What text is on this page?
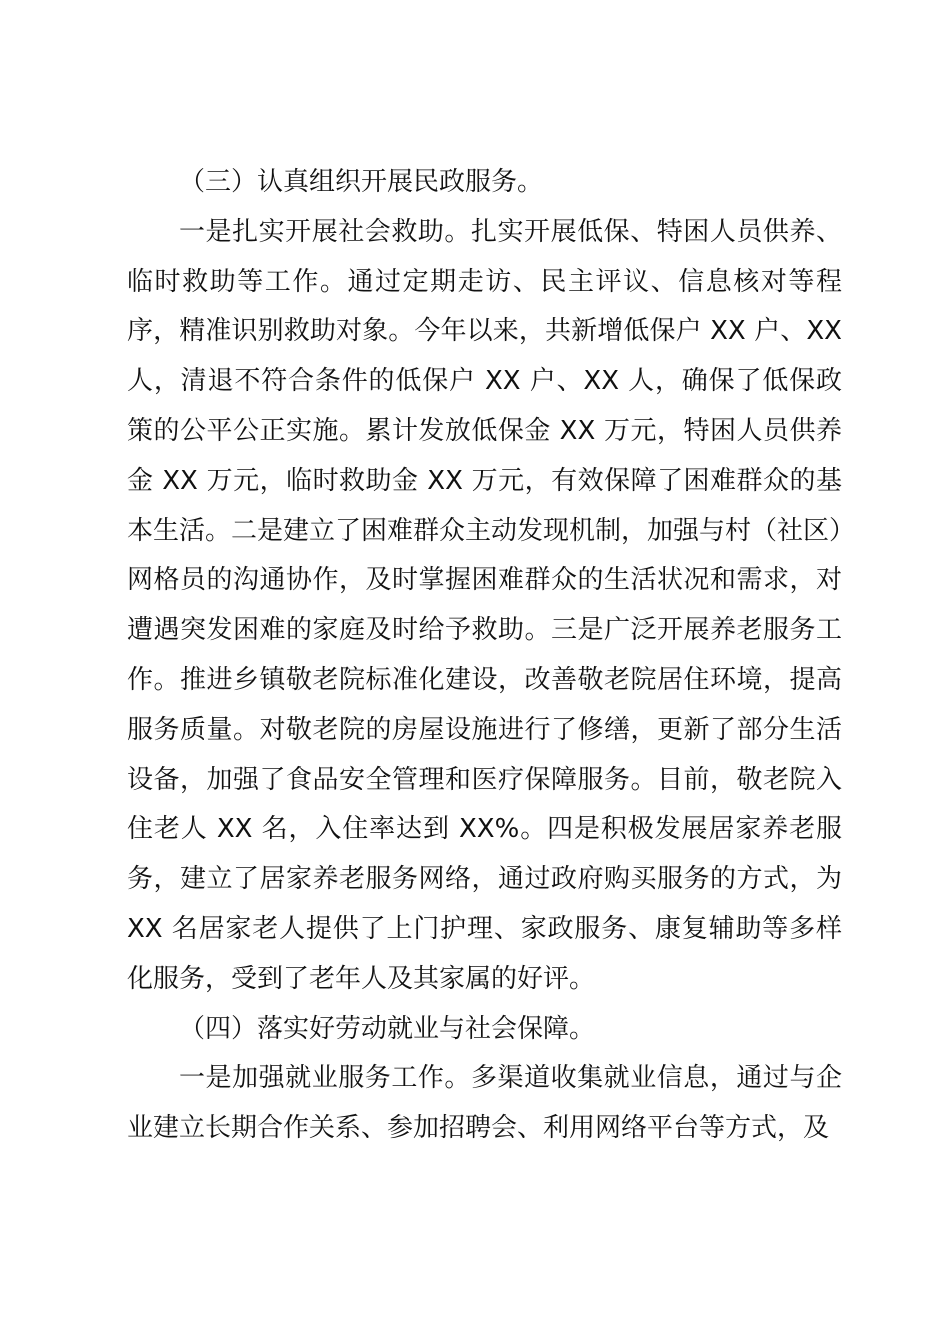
（三）认真组织开展民政服务。

一是扎实开展社会救助。扎实开展低保、特困人员供养、临时救助等工作。通过定期走访、民主评议、信息核对等程序，精准识别救助对象。今年以来，共新增低保户 XX 户、XX 人，清退不符合条件的低保户 XX 户、XX 人，确保了低保政策的公平公正实施。累计发放低保金 XX 万元，特困人员供养金 XX 万元，临时救助金 XX 万元，有效保障了困难群众的基本生活。二是建立了困难群众主动发现机制，加强与村（社区）网格员的沟通协作，及时掌握困难群众的生活状况和需求，对遭遇突发困难的家庭及时给予救助。三是广泛开展养老服务工作。推进乡镇敬老院标准化建设，改善敬老院居住环境，提高服务质量。对敬老院的房屋设施进行了修缮，更新了部分生活设备，加强了食品安全管理和医疗保障服务。目前，敬老院入住老人 XX 名，入住率达到 XX%。四是积极发展居家养老服务，建立了居家养老服务网络，通过政府购买服务的方式，为 XX 名居家老人提供了上门护理、家政服务、康复辅助等多样化服务，受到了老年人及其家属的好评。

（四）落实好劳动就业与社会保障。

一是加强就业服务工作。多渠道收集就业信息，通过与企业建立长期合作关系、参加招聘会、利用网络平台等方式，及
